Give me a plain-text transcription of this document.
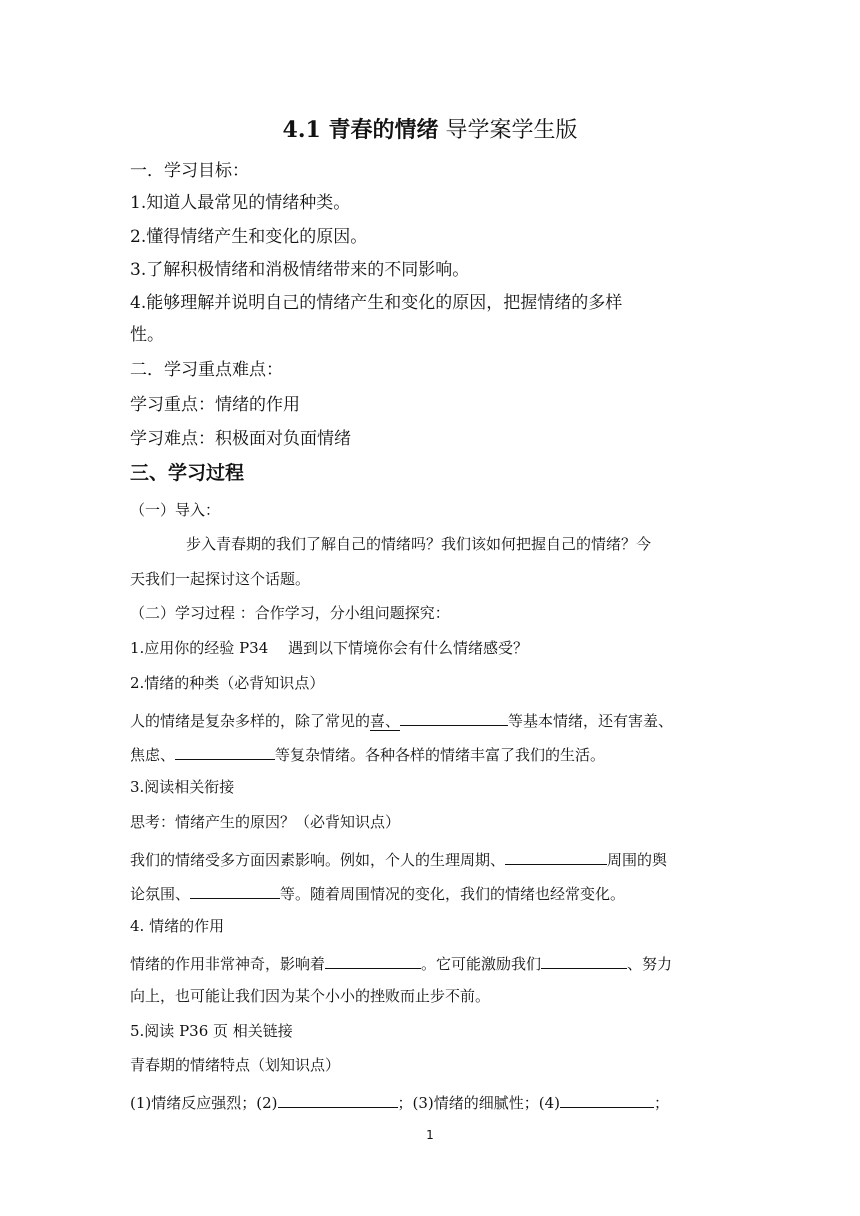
4.1 青春的情绪 导学案学生版
一．学习目标：
1.知道人最常见的情绪种类。
2.懂得情绪产生和变化的原因。
3.了解积极情绪和消极情绪带来的不同影响。
4.能够理解并说明自己的情绪产生和变化的原因，把握情绪的多样
性。
二．学习重点难点：
学习重点：情绪的作用
学习难点：积极面对负面情绪
三、学习过程
（一）导入：
步入青春期的我们了解自己的情绪吗？我们该如何把握自己的情绪？今
天我们一起探讨这个话题。
（二）学习过程 ：合作学习，分小组问题探究：
1.应用你的经验 P34　 遇到以下情境你会有什么情绪感受？
2.情绪的种类（必背知识点）
人的情绪是复杂多样的，除了常见的喜、	等基本情绪，还有害羞、
焦虑、	等复杂情绪。各种各样的情绪丰富了我们的生活。
3.阅读相关衔接
思考：情绪产生的原因？（必背知识点）
我们的情绪受多方面因素影响。例如，个人的生理周期、	周围的舆
论氛围、	等。随着周围情况的变化，我们的情绪也经常变化。
4. 情绪的作用
情绪的作用非常神奇，影响着	。它可能激励我们	、努力
向上，也可能让我们因为某个小小的挫败而止步不前。
5.阅读 P36 页 相关链接
青春期的情绪特点（划知识点）
(1)情绪反应强烈；(2)	；(3)情绪的细腻性；(4)	；
1
